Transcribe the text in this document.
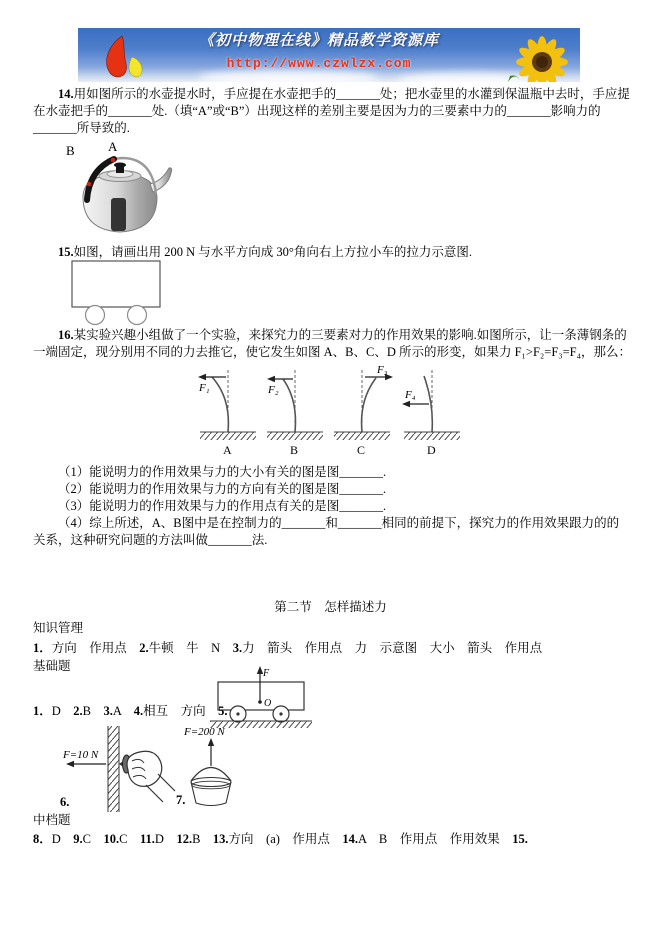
《初中物理在线》精品教学资源库
http://www.czwlzx.com

14.用如图所示的水壶提水时，手应提在水壶把手的_______处；把水壶里的水灌到保温瓶中去时，手应提在水壶把手的_______处.（填“A”或“B”）出现这样的差别主要是因为力的三要素中力的_______影响力的_______所导致的.

B	A

15.如图，请画出用 200 N 与水平方向成 30°角向右上方拉小车的拉力示意图.

16.某实验兴趣小组做了一个实验，来探究力的三要素对力的作用效果的影响.如图所示，让一条薄钢条的一端固定，现分别用不同的力去推它，使它发生如图 A、B、C、D 所示的形变，如果力 F₁>F₂=F₃=F₄，那么：

F₁
A
F₂
B
F₃
C
F₄
D

（1）能说明力的作用效果与力的大小有关的图是图_______.

（2）能说明力的作用效果与力的方向有关的图是图_______.

（3）能说明力的作用效果与力的作用点有关的是图_______.

（4）综上所述，A、B图中是在控制力的_______和_______相同的前提下，探究力的作用效果跟力的的关系，这种研究问题的方法叫做_______法.

第二节　怎样描述力

知识管理

1．方向　作用点　2.牛顿　牛　N　3.力　箭头　作用点　力　示意图　大小　箭头　作用点

基础题

F
O

1．D　2.B　3.A　4.相互　方向　5.

F=10 N

6.

F=200 N

7.

中档题

8．D　9.C　10.C　11.D　12.B　13.方向　(a)　作用点　14.A　B　作用点　作用效果　15.
